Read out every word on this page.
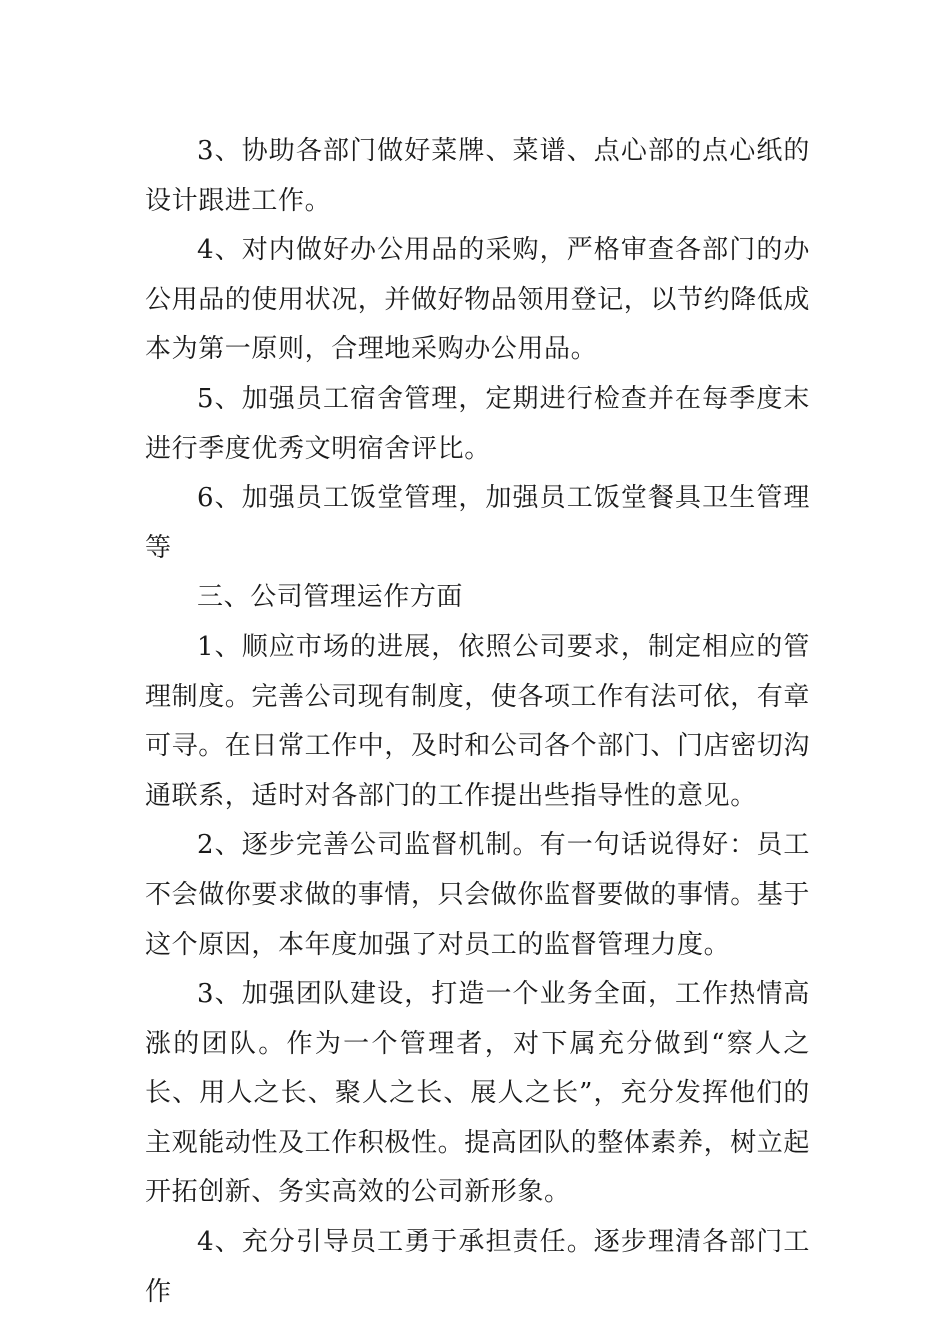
3、协助各部门做好菜牌、菜谱、点心部的点心纸的设计跟进工作。

4、对内做好办公用品的采购，严格审查各部门的办公用品的使用状况，并做好物品领用登记，以节约降低成本为第一原则，合理地采购办公用品。

5、加强员工宿舍管理，定期进行检查并在每季度末进行季度优秀文明宿舍评比。

6、加强员工饭堂管理，加强员工饭堂餐具卫生管理等

三、公司管理运作方面

1、顺应市场的进展，依照公司要求，制定相应的管理制度。完善公司现有制度，使各项工作有法可依，有章可寻。在日常工作中，及时和公司各个部门、门店密切沟通联系，适时对各部门的工作提出些指导性的意见。

2、逐步完善公司监督机制。有一句话说得好：员工不会做你要求做的事情，只会做你监督要做的事情。基于这个原因，本年度加强了对员工的监督管理力度。

3、加强团队建设，打造一个业务全面，工作热情高涨的团队。作为一个管理者，对下属充分做到“察人之长、用人之长、聚人之长、展人之长”，充分发挥他们的主观能动性及工作积极性。提高团队的整体素养，树立起开拓创新、务实高效的公司新形象。

4、充分引导员工勇于承担责任。逐步理清各部门工作
